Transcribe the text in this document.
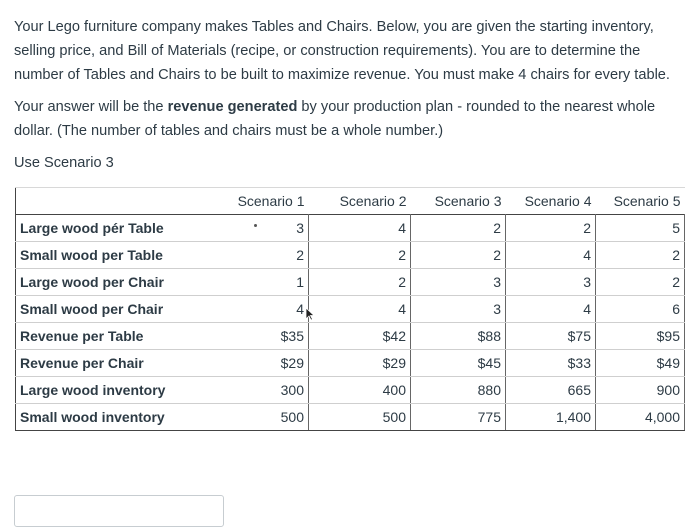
Your Lego furniture company makes Tables and Chairs. Below, you are given the starting inventory, selling price, and Bill of Materials (recipe, or construction requirements). You are to determine the number of Tables and Chairs to be built to maximize revenue. You must make 4 chairs for every table.

Your answer will be the revenue generated by your production plan - rounded to the nearest whole dollar. (The number of tables and chairs must be a whole number.)

Use Scenario 3

	Scenario 1	Scenario 2	Scenario 3	Scenario 4	Scenario 5
Large wood pér Table	3	4	2	2	5
Small wood per Table	2	2	2	4	2
Large wood per Chair	1	2	3	3	2
Small wood per Chair	4	4	3	4	6
Revenue per Table	$35	$42	$88	$75	$95
Revenue per Chair	$29	$29	$45	$33	$49
Large wood inventory	300	400	880	665	900
Small wood inventory	500	500	775	1,400	4,000
